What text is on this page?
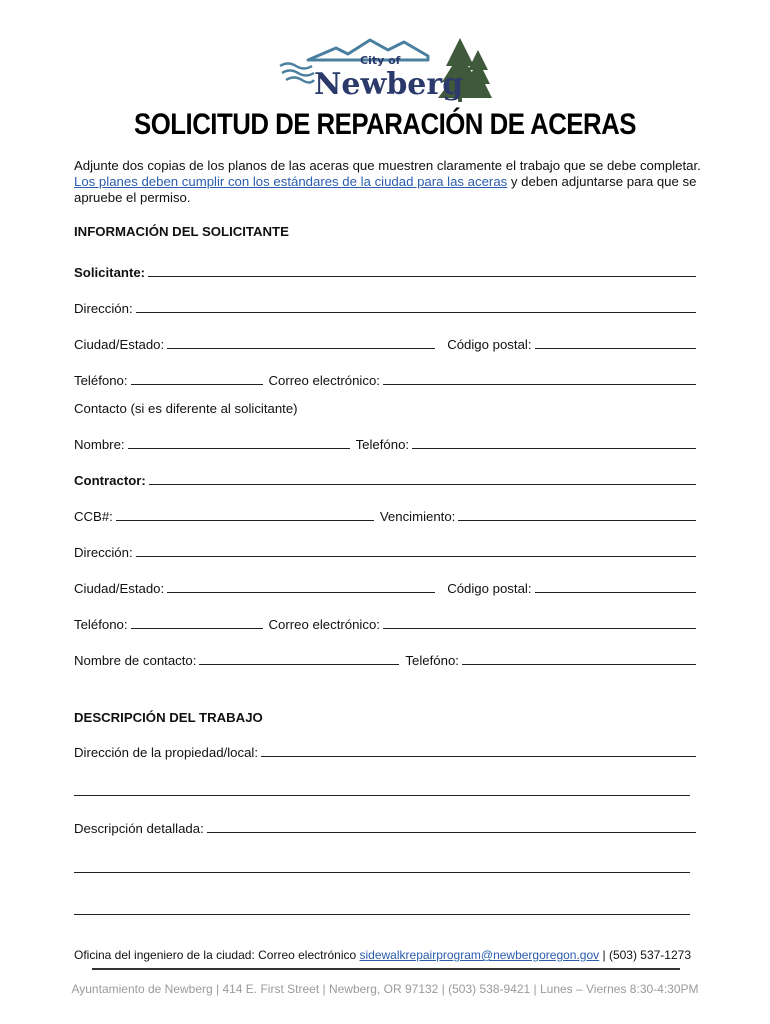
City of
Newberg
SOLICITUD DE REPARACIÓN DE ACERAS
Adjunte dos copias de los planos de las aceras que muestren claramente el trabajo que se debe completar. Los planes deben cumplir con los estándares de la ciudad para las aceras y deben adjuntarse para que se apruebe el permiso.
INFORMACIÓN DEL SOLICITANTE
Solicitante:
Dirección:
Ciudad/Estado:	Código postal:
Teléfono:	Correo electrónico:
Contacto (si es diferente al solicitante)
Nombre:	Telefóno:
Contractor:
CCB#:	Vencimiento:
Dirección:
Ciudad/Estado:	Código postal:
Teléfono:	Correo electrónico:
Nombre de contacto:	Telefóno:
DESCRIPCIÓN DEL TRABAJO
Dirección de la propiedad/local:
Descripción detallada:
Oficina del ingeniero de la ciudad: Correo electrónico sidewalkrepairprogram@newbergoregon.gov | (503) 537-1273
Ayuntamiento de Newberg | 414 E. First Street | Newberg, OR 97132 | (503) 538-9421 | Lunes – Viernes 8:30-4:30PM
